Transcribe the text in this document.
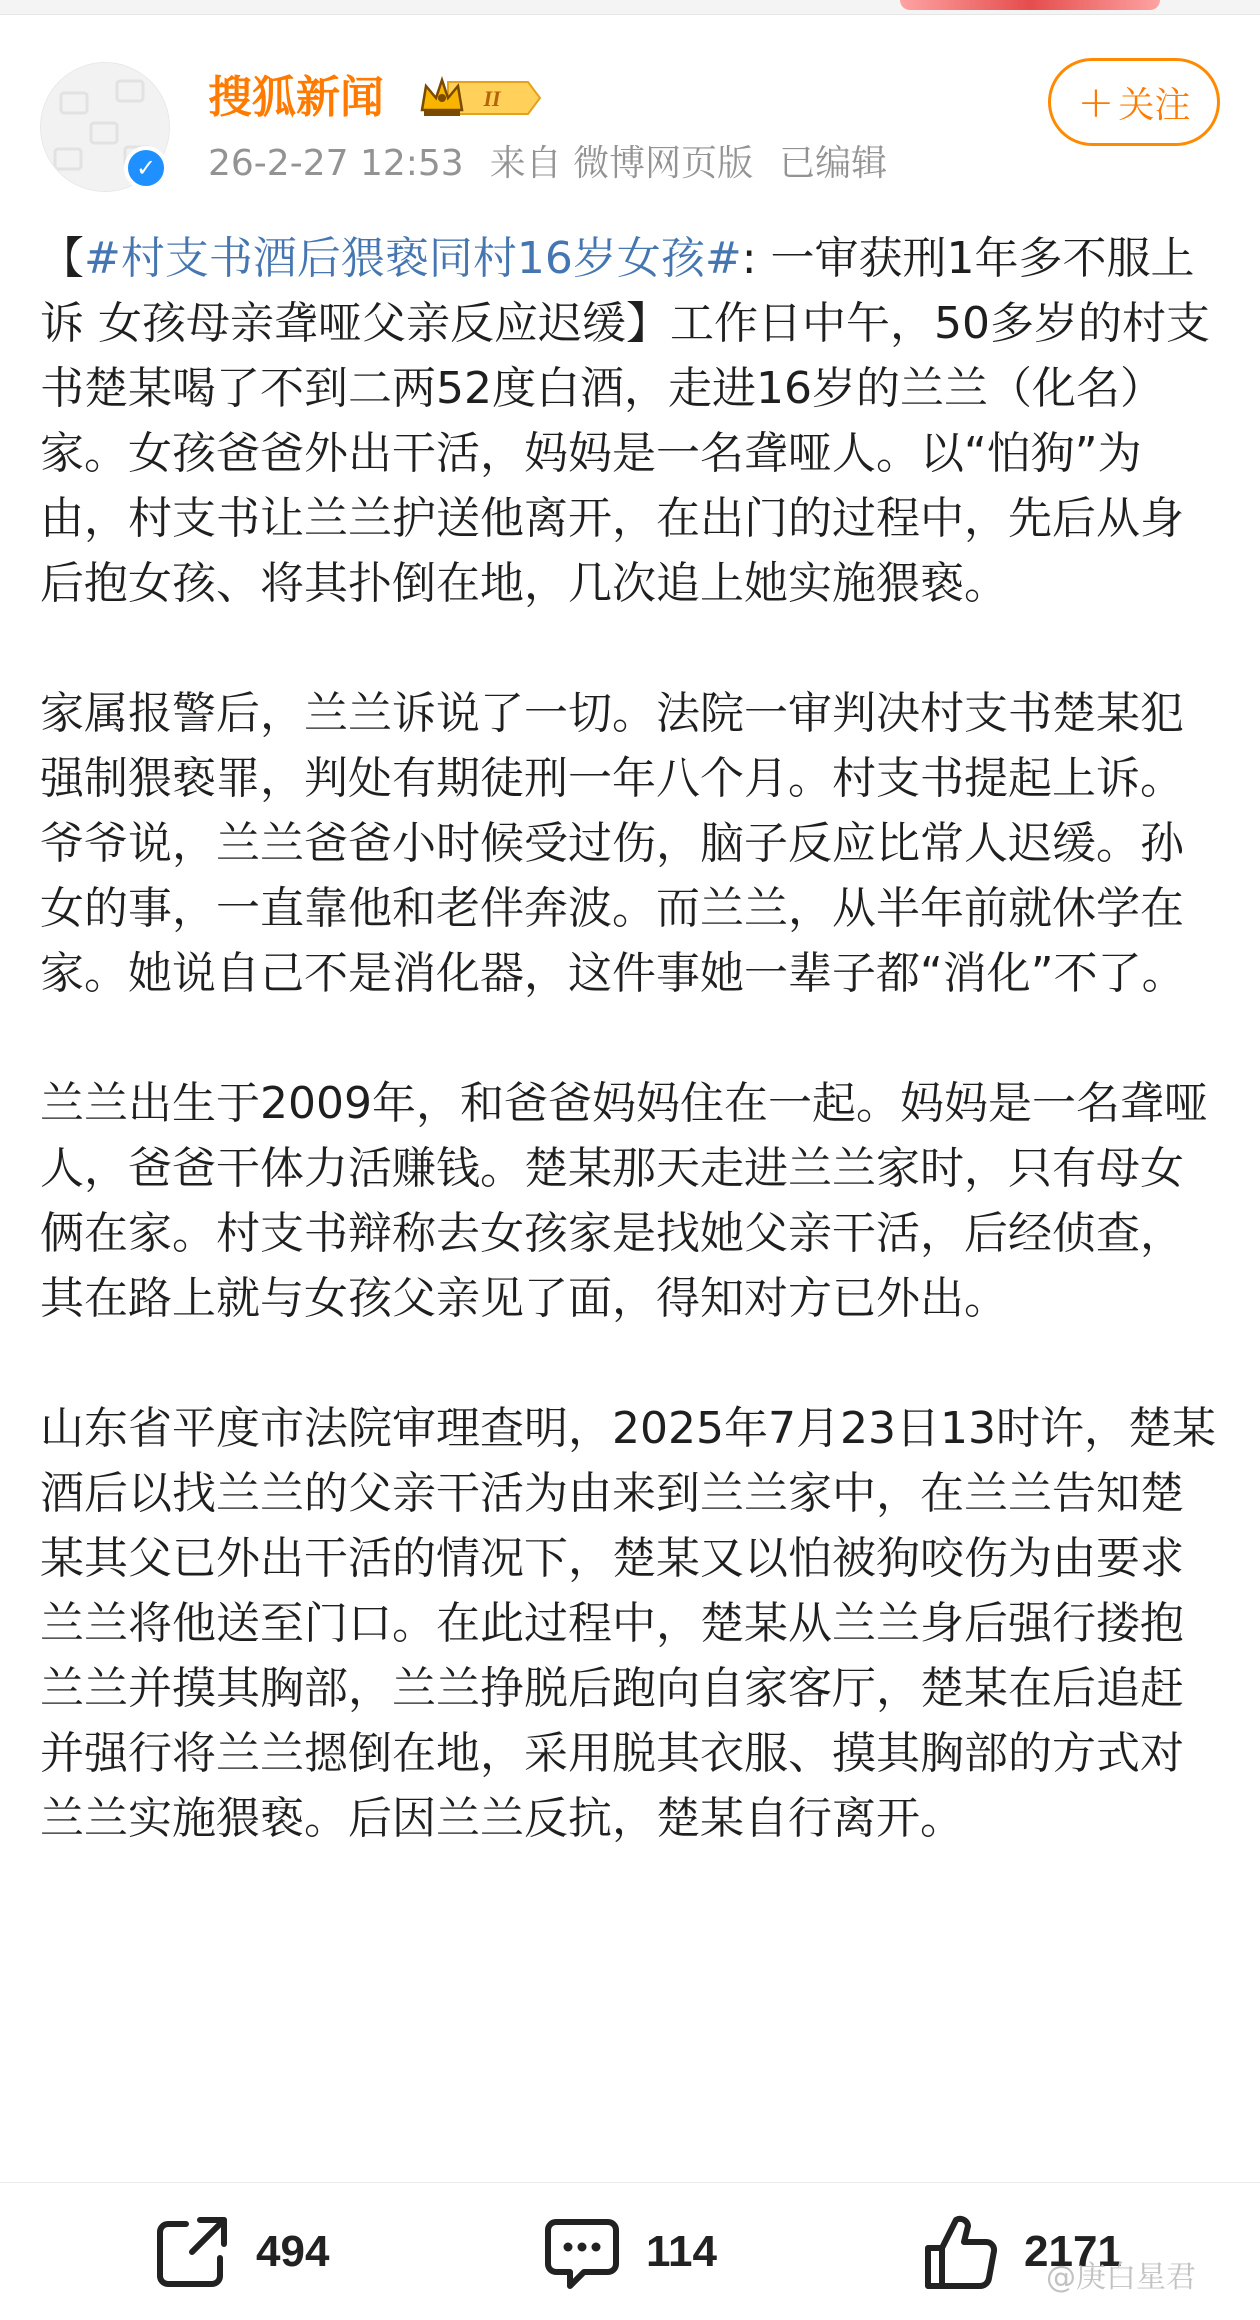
✓
搜狐新闻	II
26-2-27 12:53 来自 微博网页版 已编辑
+ 关注

【#村支书酒后猥亵同村16岁女孩#: 一审获刑1年多不服上诉 女孩母亲聋哑父亲反应迟缓】工作日中午，50多岁的村支书楚某喝了不到二两52度白酒，走进16岁的兰兰（化名）家。女孩爸爸外出干活，妈妈是一名聋哑人。以“怕狗”为由，村支书让兰兰护送他离开，在出门的过程中，先后从身后抱女孩、将其扑倒在地，几次追上她实施猥亵。

家属报警后，兰兰诉说了一切。法院一审判决村支书楚某犯强制猥亵罪，判处有期徒刑一年八个月。村支书提起上诉。爷爷说，兰兰爸爸小时候受过伤，脑子反应比常人迟缓。孙女的事，一直靠他和老伴奔波。而兰兰，从半年前就休学在家。她说自己不是消化器，这件事她一辈子都“消化”不了。

兰兰出生于2009年，和爸爸妈妈住在一起。妈妈是一名聋哑人，爸爸干体力活赚钱。楚某那天走进兰兰家时，只有母女俩在家。村支书辩称去女孩家是找她父亲干活，后经侦查，其在路上就与女孩父亲见了面，得知对方已外出。

山东省平度市法院审理查明，2025年7月23日13时许，楚某酒后以找兰兰的父亲干活为由来到兰兰家中，在兰兰告知楚某其父已外出干活的情况下，楚某又以怕被狗咬伤为由要求兰兰将他送至门口。在此过程中，楚某从兰兰身后强行搂抱兰兰并摸其胸部，兰兰挣脱后跑向自家客厅，楚某在后追赶并强行将兰兰摁倒在地，采用脱其衣服、摸其胸部的方式对兰兰实施猥亵。后因兰兰反抗，楚某自行离开。

494	114	2171
@庚白星君
